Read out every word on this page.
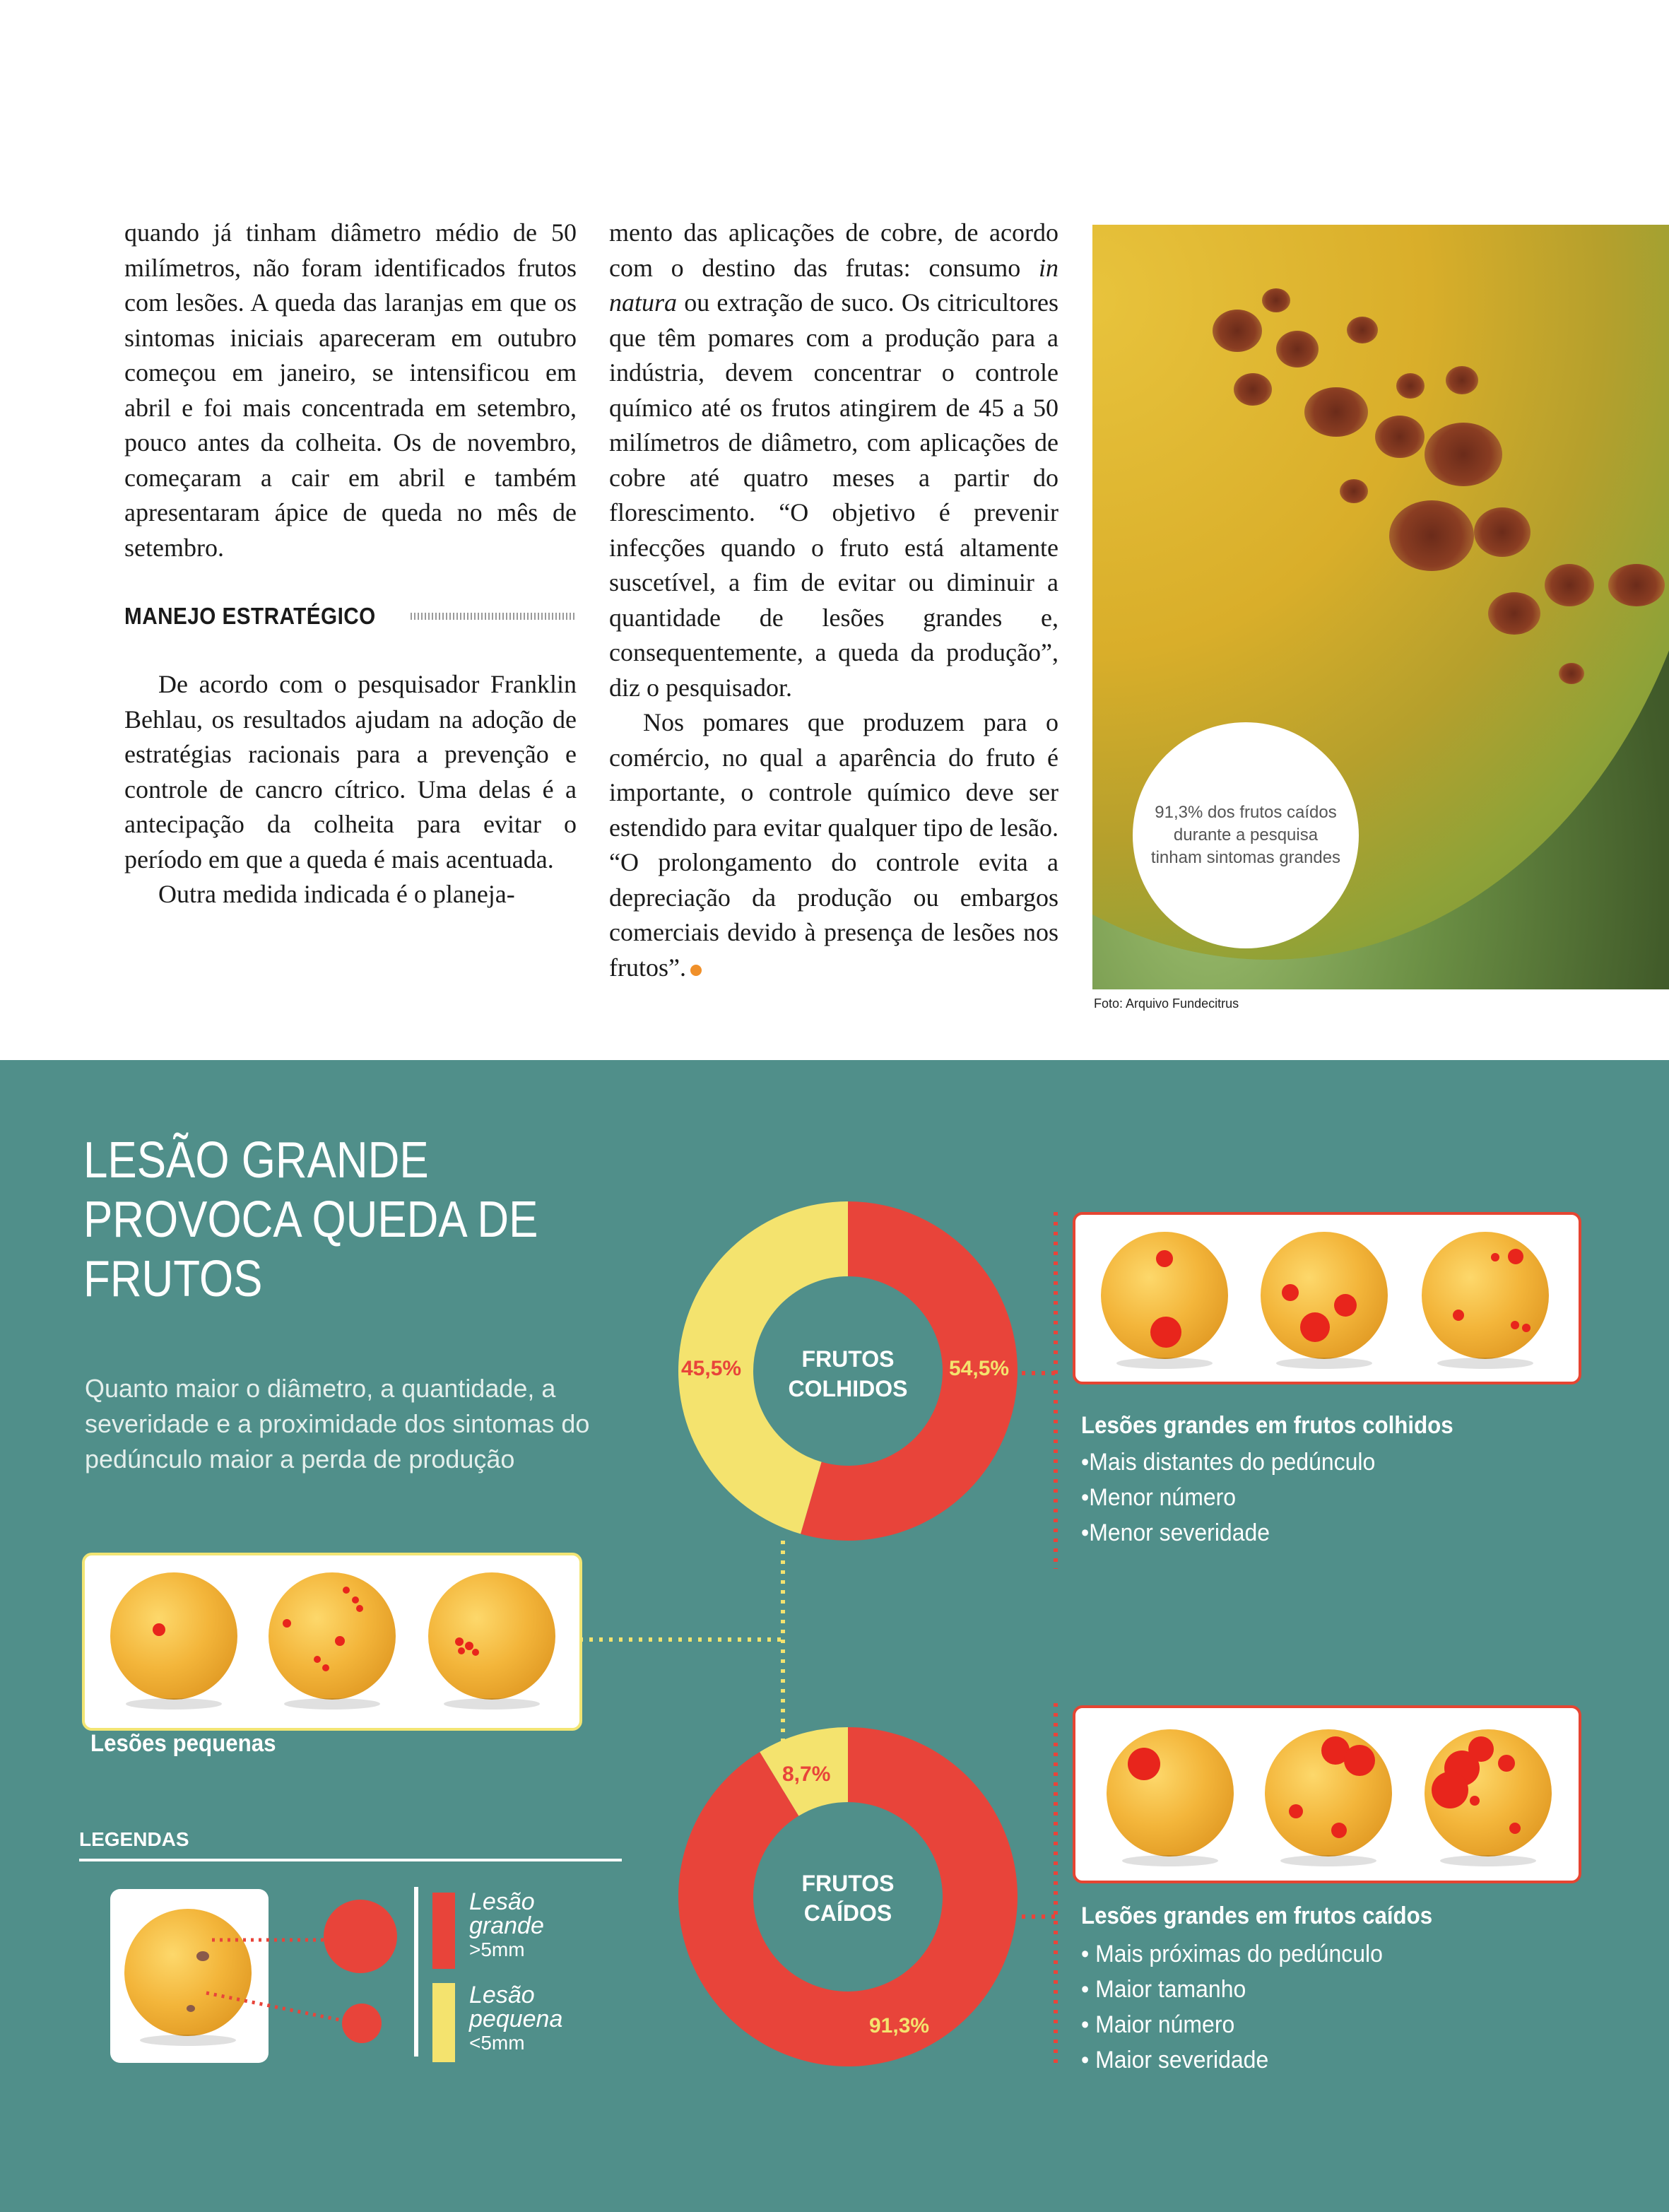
quando já tinham diâmetro médio de 50 milímetros, não foram identificados frutos com lesões. A queda das laranjas em que os sintomas iniciais apareceram em outubro começou em janeiro, se intensificou em abril e foi mais concentrada em setembro, pouco antes da colheita. Os de novembro, começaram a cair em abril e também apresentaram ápice de queda no mês de setembro.

MANEJO ESTRATÉGICO

De acordo com o pesquisador Franklin Behlau, os resultados ajudam na adoção de estratégias racionais para a prevenção e controle de cancro cítrico. Uma delas é a antecipação da colheita para evitar o período em que a queda é mais acentuada.

Outra medida indicada é o planeja-

mento das aplicações de cobre, de acordo com o destino das frutas: consumo in natura ou extração de suco. Os citricultores que têm pomares com a produção para a indústria, devem concentrar o controle químico até os frutos atingirem de 45 a 50 milímetros de diâmetro, com aplicações de cobre até quatro meses a partir do florescimento. “O objetivo é prevenir infecções quando o fruto está altamente suscetível, a fim de evitar ou diminuir a quantidade de lesões grandes e, consequentemente, a queda da produção”, diz o pesquisador.

Nos pomares que produzem para o comércio, no qual a aparência do fruto é importante, o controle químico deve ser estendido para evitar qualquer tipo de lesão. “O prolongamento do controle evita a depreciação da produção ou embargos comerciais devido à presença de lesões nos frutos”.

91,3% dos frutos caídos durante a pesquisa tinham sintomas grandes
Foto: Arquivo Fundecitrus
LESÃO GRANDE PROVOCA QUEDA DE FRUTOS
Quanto maior o diâmetro, a quantidade, a severidade e a proximidade dos sintomas do pedúnculo maior a perda de produção
FRUTOS COLHIDOS
FRUTOS CAÍDOS
54,5%
45,5%
91,3%
8,7%
Lesões pequenas
Lesões grandes em frutos colhidos
•Mais distantes do pedúnculo
•Menor número
•Menor severidade
Lesões grandes em frutos caídos
• Mais próximas do pedúnculo
• Maior tamanho
• Maior número
• Maior severidade
LEGENDAS
Lesão
grande
>5mm
Lesão
pequena
<5mm
